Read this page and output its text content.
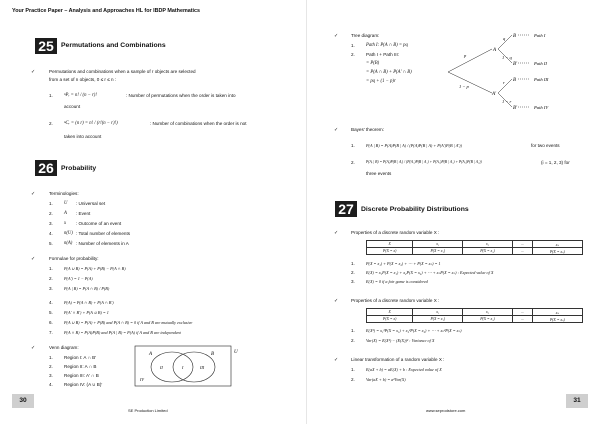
Your Practice Paper – Analysis and Approaches HL for IBDP Mathematics
25	Permutations and Combinations
✓	Permutations and combinations when a sample of r objects are selected
from a set of n objects, 0 ≤ r ≤ n :
1. ⁿPᵣ = n! / (n − r)!	: Number of permutations when the order is taken into
account
2. ⁿCᵣ = (n r) = n! / (r!(n − r)!)	: Number of combinations when the order is not
taken into account
26	Probability
✓	Terminologies:
1. U : Universal set
2. A : Event
3. x : Outcome of an event
4. n(U) : Total number of elements
5. n(A) : Number of elements in A
✓	Formulae for probability:
1.	P(A ∪ B) = P(A) + P(B) − P(A ∩ B)
2.	P(A′) = 1 − P(A)
3.	P(A | B) = P(A ∩ B) / P(B)
4.	P(A) = P(A ∩ B) + P(A ∩ B′)
5.	P(A′ ∩ B′) + P(A ∪ B) = 1
6.	P(A ∪ B) = P(A) + P(B) and P(A ∩ B) = 0 if A and B are mutually exclusive
7.	P(A ∩ B) = P(A)P(B) and P(A | B) = P(A) if A and B are independent
✓	Venn diagram:
1. Region I: A ∩ B′
2. Region II: A ∩ B
3. Region III: A′ ∩ B
4. Region IV: (A ∪ B)′
A	B	U
II	I	III
IV
30
SE Production Limited
✓	Tree diagram:
1. Path I: P(A ∩ B) = pq
2. Path I + Path III:
= P(B)
= P(A ∩ B) + P(A′ ∩ B)
= pq + (1 − p)r
p
1 − p
A
A′
q
1 − q
r
1 − r
B
B′
B
B′
Path I
Path II
Path III
Path IV
✓	Bayes’ theorem:
1.	P(A | B) = P(A)P(B | A) / (P(A)P(B | A) + P(A′)P(B | A′))	for two events
2.	P(Aᵢ | B) = P(Aᵢ)P(B | Aᵢ) / (P(A₁)P(B | A₁) + P(A₂)P(B | A₂) + P(A₃)P(B | A₃))	(i = 1, 2, 3) for
three events
27	Discrete Probability Distributions
✓	Properties of a discrete random variable X :
X	x₁	x₂	...	xₙ
P(X = x)	P(X = x₁)	P(X = x₂)	...	P(X = xₙ)
1.	P(X = x₁) + P(X = x₂) + ⋯ + P(X = xₙ) = 1
2.	E(X) = x₁P(X = x₁) + x₂P(X = x₂) + ⋯ + xₙP(X = xₙ) : Expected value of X
3.	E(X) = 0 if a fair game is considered
✓	Properties of a discrete random variable X :
X	x₁	x₂	...	xₙ
P(X = x)	P(X = x₁)	P(X = x₂)	...	P(X = xₙ)
1.	E(X²) = x₁²P(X = x₁) + x₂²P(X = x₂) + ⋯ + xₙ²P(X = xₙ)
2.	Var(X) = E(X²) − (E(X))² : Variance of X
✓	Linear transformation of a random variable X :
1.	E(aX + b) = aE(X) + b : Expected value of X
2.	Var(aX + b) = a²Var(X)
31
www.seprodstore.com
